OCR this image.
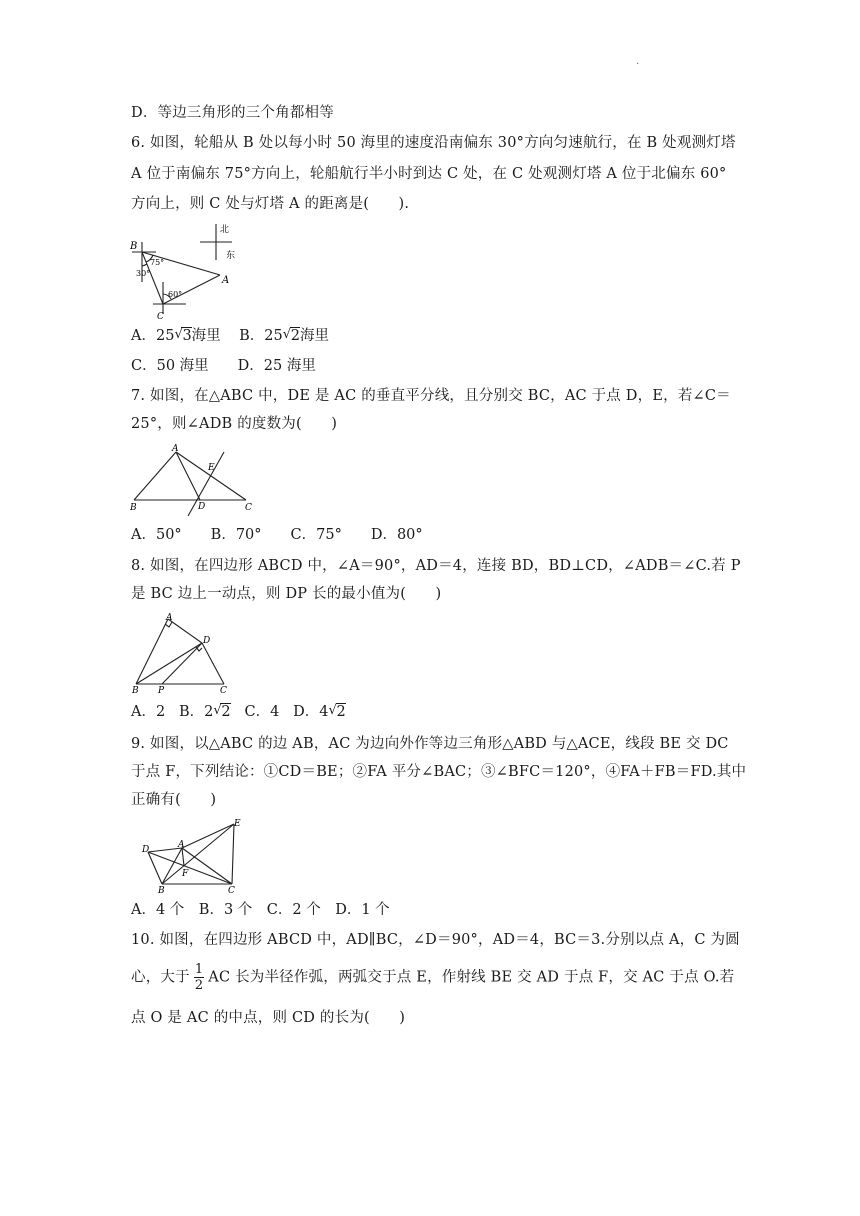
.
D．等边三角形的三个角都相等
6. 如图，轮船从 B 处以每小时 50 海里的速度沿南偏东 30°方向匀速航行，在 B 处观测灯塔
A 位于南偏东 75°方向上，轮船航行半小时到达 C 处，在 C 处观测灯塔 A 位于北偏东 60°
方向上，则 C 处与灯塔 A 的距离是(　　).
B
C
A
75°
30°
60°
北
东
A．25√ 3海里 B．25√ 2海里
C．50 海里　　D．25 海里
7. 如图，在△ABC 中，DE 是 AC 的垂直平分线，且分别交 BC，AC 于点 D，E，若∠C＝
25°，则∠ADB 的度数为(　　)
A
B	C
D
E
A．50°　　B．70°　　C．75°　　D．80°
8. 如图，在四边形 ABCD 中，∠A＝90°，AD＝4，连接 BD，BD⊥CD，∠ADB＝∠C.若 P
是 BC 边上一动点，则 DP 长的最小值为(　　)
A
B	C
D
P
A．2 B．2 √ 2 C．4 D．4 √ 2
9. 如图，以△ABC 的边 AB，AC 为边向外作等边三角形△ABD 与△ACE，线段 BE 交 DC
于点 F，下列结论：①CD＝BE；②FA 平分∠BAC；③∠BFC＝120°，④FA＋FB＝FD.其中
正确有(　　)
A
B	C
D
E
F
A．4 个　B．3 个　C．2 个　D．1 个
10. 如图，在四边形 ABCD 中，AD∥BC，∠D＝90°，AD＝4，BC＝3.分别以点 A，C 为圆
心，大于 $\frac{1}{2}$ AC 长为半径作弧，两弧交于点 E，作射线 BE 交 AD 于点 F，交 AC 于点 O.若
点 O 是 AC 的中点，则 CD 的长为(　　)
